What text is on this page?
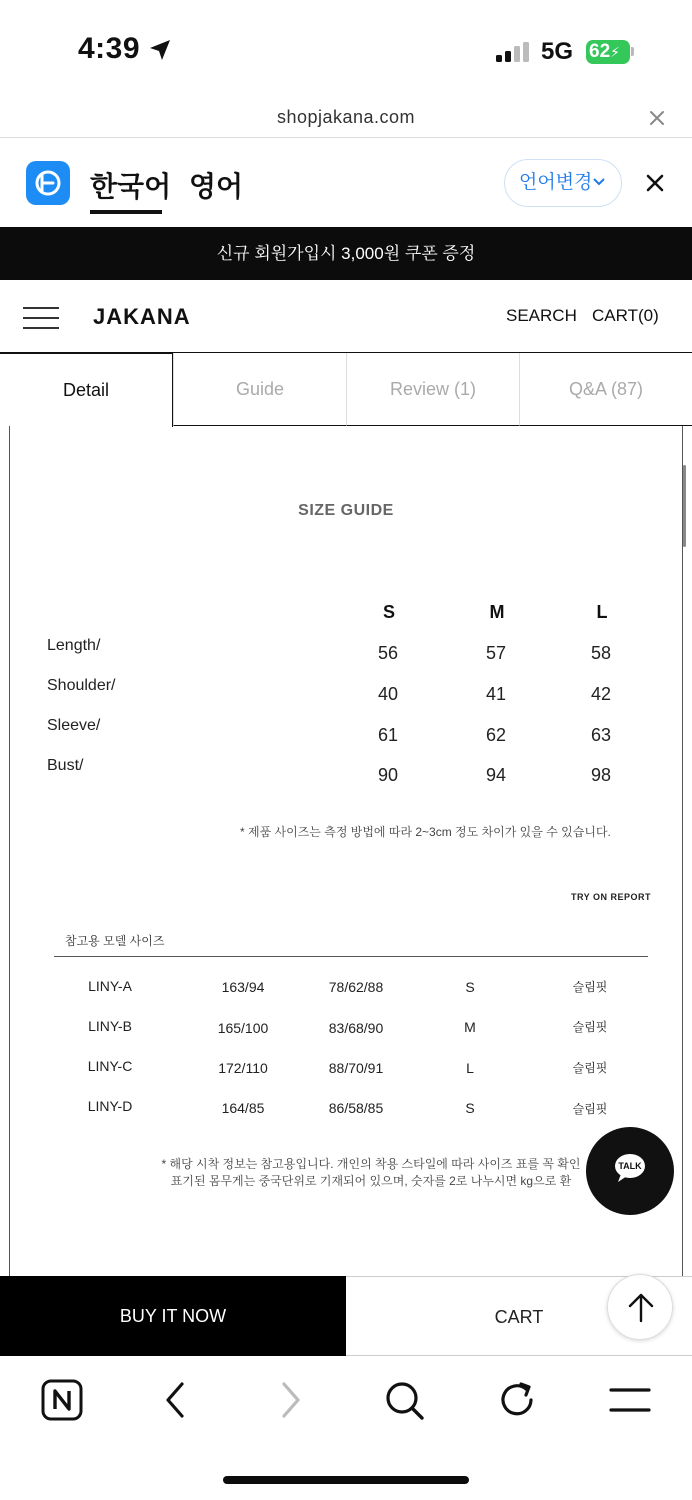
4:39	5G 62⚡
shopjakana.com
한국어 영어	언어변경
신규 회원가입시 3,000원 쿠폰 증정
JAKANA	SEARCH CART(0)
Detail	Guide	Review (1)	Q&A (87)
SIZE GUIDE
S	M	L
Length/	56	57	58
Shoulder/	40	41	42
Sleeve/	61	62	63
Bust/	90	94	98
* 제품 사이즈는 측정 방법에 따라 2~3cm 정도 차이가 있을 수 있습니다.
TRY ON REPORT
참고용 모델 사이즈
LINY-A	163/94	78/62/88	S	슬림핏
LINY-B	165/100	83/68/90	M	슬림핏
LINY-C	172/110	88/70/91	L	슬림핏
LINY-D	164/85	86/58/85	S	슬림핏
* 해당 시착 정보는 참고용입니다. 개인의 착용 스타일에 따라 사이즈 표를 꼭 확인
표기된 몸무게는 중국단위로 기재되어 있으며, 숫자를 2로 나누시면 kg으로 환
TALK
BUY IT NOW	CART
